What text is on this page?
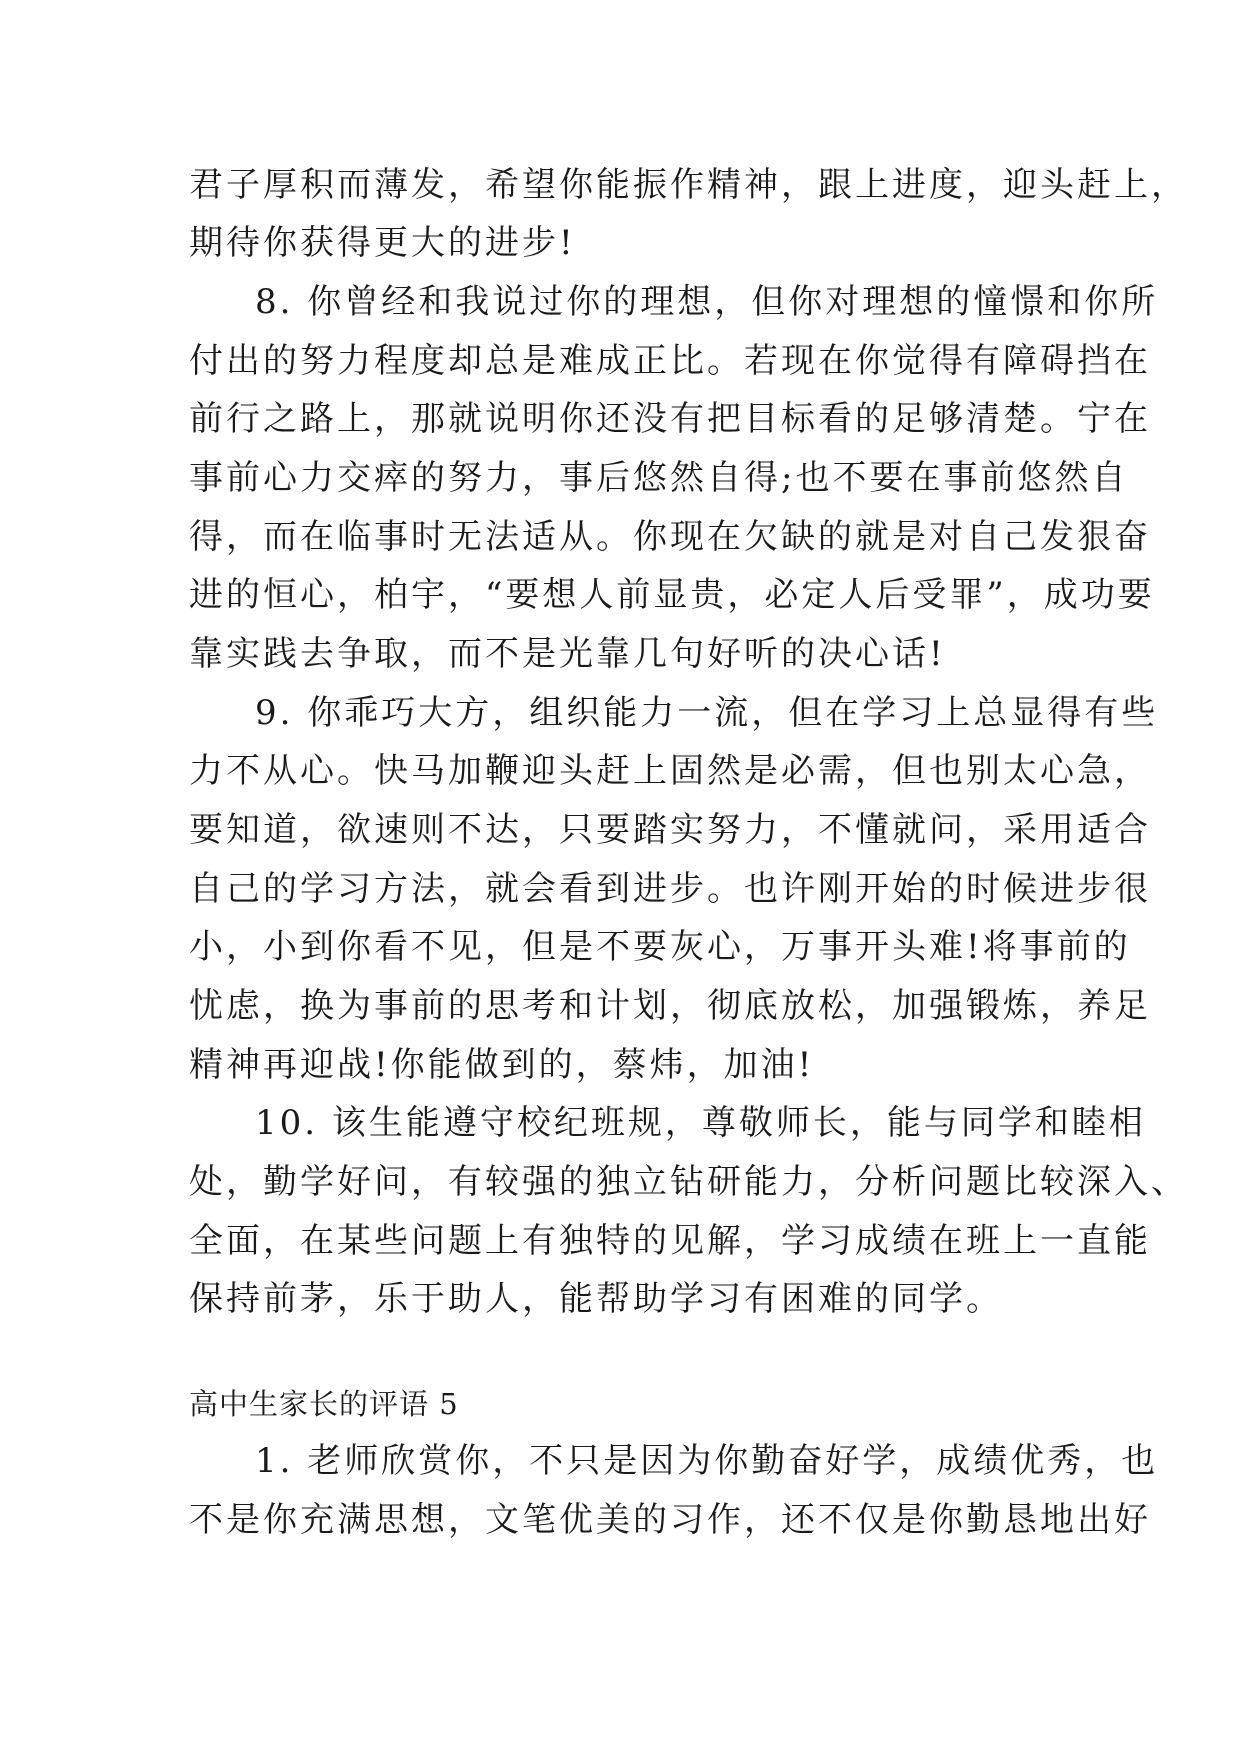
君子厚积而薄发，希望你能振作精神，跟上进度，迎头赶上，
期待你获得更大的进步!
8. 你曾经和我说过你的理想，但你对理想的憧憬和你所
付出的努力程度却总是难成正比。若现在你觉得有障碍挡在
前行之路上，那就说明你还没有把目标看的足够清楚。宁在
事前心力交瘁的努力，事后悠然自得;也不要在事前悠然自
得，而在临事时无法适从。你现在欠缺的就是对自己发狠奋
进的恒心，柏宇，“要想人前显贵，必定人后受罪”，成功要
靠实践去争取，而不是光靠几句好听的决心话!
9. 你乖巧大方，组织能力一流，但在学习上总显得有些
力不从心。快马加鞭迎头赶上固然是必需，但也别太心急，
要知道，欲速则不达，只要踏实努力，不懂就问，采用适合
自己的学习方法，就会看到进步。也许刚开始的时候进步很
小，小到你看不见，但是不要灰心，万事开头难!将事前的
忧虑，换为事前的思考和计划，彻底放松，加强锻炼，养足
精神再迎战!你能做到的，蔡炜，加油!
10. 该生能遵守校纪班规，尊敬师长，能与同学和睦相
处，勤学好问，有较强的独立钻研能力，分析问题比较深入、
全面，在某些问题上有独特的见解，学习成绩在班上一直能
保持前茅，乐于助人，能帮助学习有困难的同学。
高中生家长的评语 5
1. 老师欣赏你，不只是因为你勤奋好学，成绩优秀，也
不是你充满思想，文笔优美的习作，还不仅是你勤恳地出好
